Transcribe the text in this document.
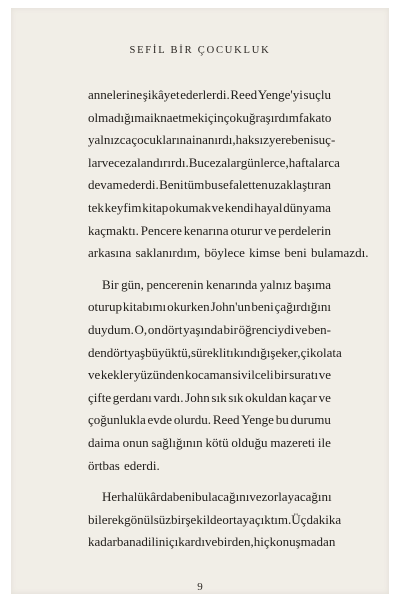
SEFİL BİR ÇOCUKLUK
annelerine şikâyet ederlerdi. Reed Yenge'yi suçlu
olmadığıma ikna etmek için çok uğraşırdım fakat o
yalnızca çocuklarına inanırdı, haksız yere beni suç-
lar ve cezalandırırdı. Bu cezalar günlerce, haftalarca
devam ederdi. Beni tüm bu sefaletten uzaklaştıran
tek keyfim kitap okumak ve kendi hayal dünyama
kaçmaktı. Pencere kenarına oturur ve perdelerin
arkasına saklanırdım, böylece kimse beni bulamazdı.
Bir gün, pencerenin kenarında yalnız başıma
oturup kitabımı okurken John'un beni çağırdığını
duydum. O, on dört yaşında bir öğrenciydi ve ben-
den dört yaş büyüktü, sürekli tıkındığı şeker, çikolata
ve kekler yüzünden kocaman sivilceli bir suratı ve
çifte gerdanı vardı. John sık sık okuldan kaçar ve
çoğunlukla evde olurdu. Reed Yenge bu durumu
daima onun sağlığının kötü olduğu mazereti ile
örtbas ederdi.
Her halükârda beni bulacağını ve zorlayacağını
bilerek gönülsüz bir şekilde ortaya çıktım. Üç dakika
kadar bana dilini çıkardı ve birden, hiç konuşmadan
9
